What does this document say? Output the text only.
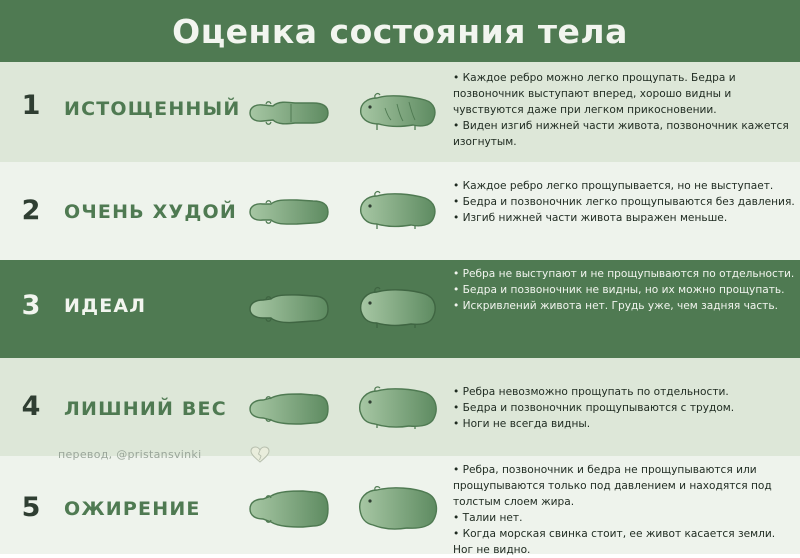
Оценка состояния тела
1 ИСТОЩЕННЫЙ
• Каждое ребро можно легко прощупать. Бедра и позвоночник выступают вперед, хорошо видны и чувствуются даже при легком прикосновении.
• Виден изгиб нижней части живота, позвоночник кажется изогнутым.
2 ОЧЕНЬ ХУДОЙ
• Каждое ребро легко прощупывается, но не выступает.
• Бедра и позвоночник легко прощупываются без давления.
• Изгиб нижней части живота выражен меньше.
3 ИДЕАЛ
• Ребра не выступают и не прощупываются по отдельности.
• Бедра и позвоночник не видны, но их можно прощупать.
• Искривлений живота нет. Грудь уже, чем задняя часть.
4 ЛИШНИЙ ВЕС
• Ребра невозможно прощупать по отдельности.
• Бедра и позвоночник прощупываются с трудом.
• Ноги не всегда видны.
5 ОЖИРЕНИЕ
• Ребра, позвоночник и бедра не прощупываются или прощупываются только под давлением и находятся под толстым слоем жира.
• Талии нет.
• Когда морская свинка стоит, ее живот касается земли. Ног не видно.
перевод, @pristansvinki
